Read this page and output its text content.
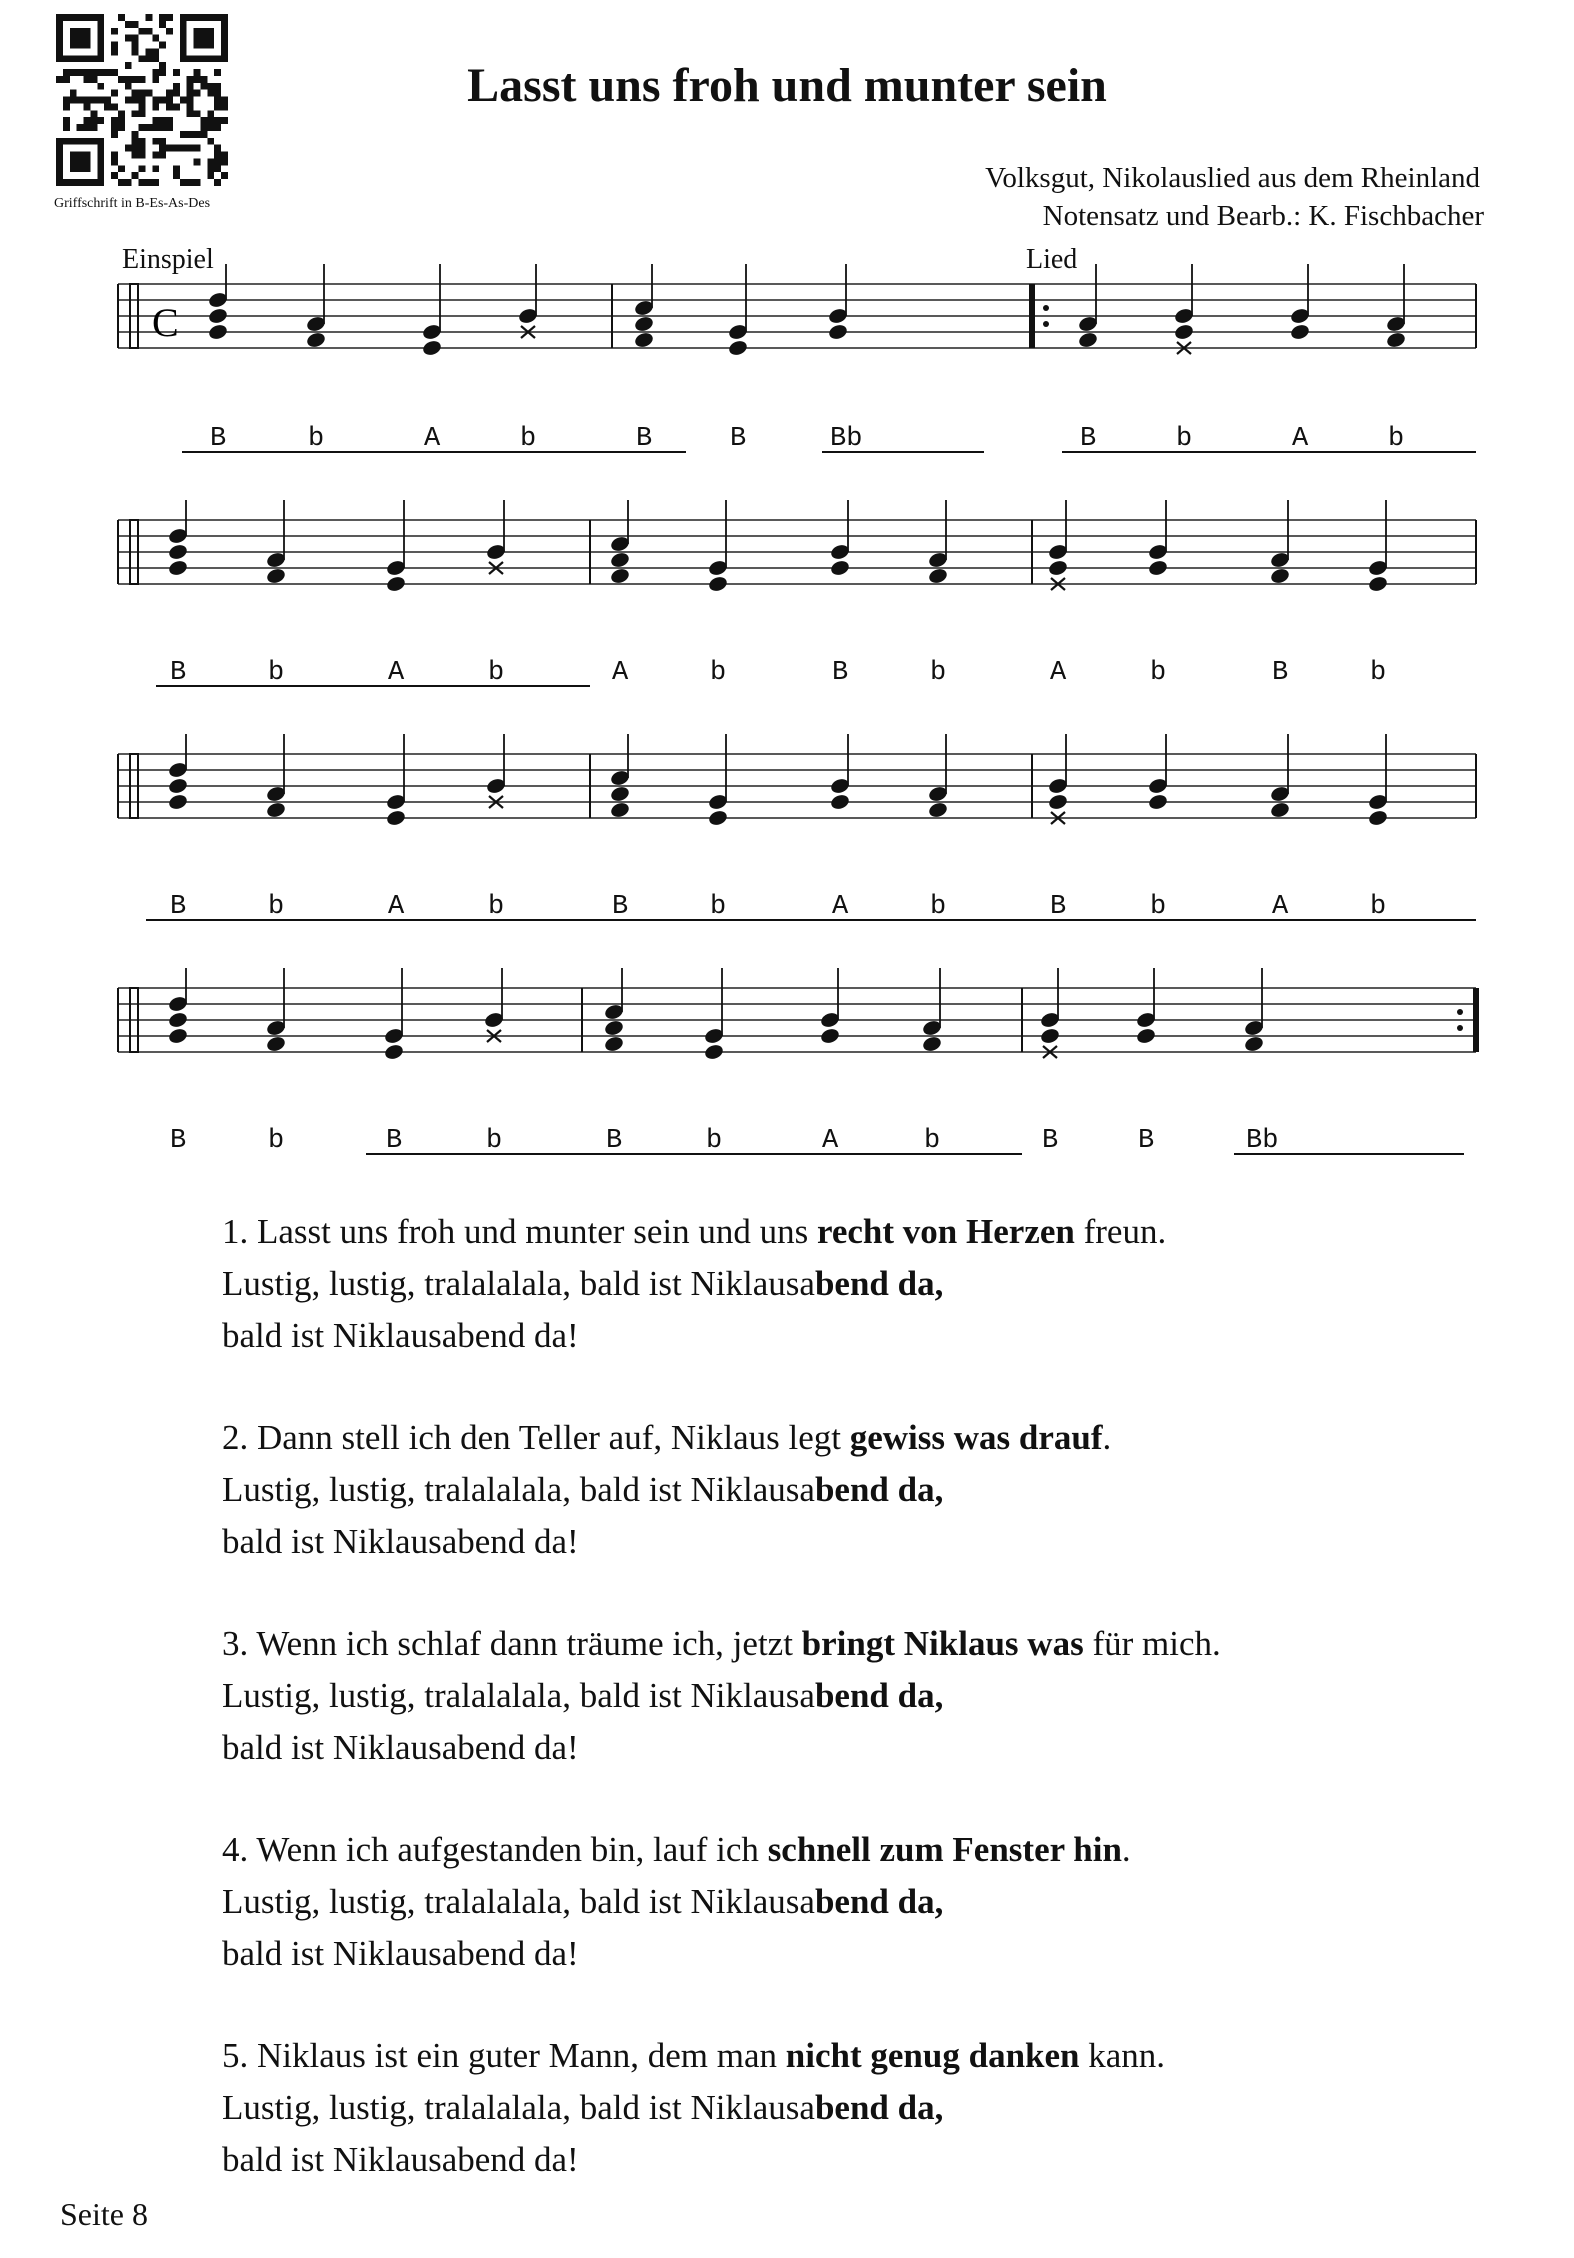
Griffschrift in B-Es-As-Des
Lasst uns froh und munter sein
Volksgut, Nikolauslied aus dem Rheinland
Notensatz und Bearb.: K. Fischbacher
Einspiel	Lied
C
B	b	A	b	B	B	Bb	B	b	A	b
B	b	A	b	A	b	B	b	A	b	B	b
B	b	A	b	B	b	A	b	B	b	A	b
B	b	B	b	B	b	A	b	B	B	Bb
1. Lasst uns froh und munter sein und uns recht von Herzen freun.
Lustig, lustig, tralalalala, bald ist Niklausabend da,
bald ist Niklausabend da!
2. Dann stell ich den Teller auf, Niklaus legt gewiss was drauf.
Lustig, lustig, tralalalala, bald ist Niklausabend da,
bald ist Niklausabend da!
3. Wenn ich schlaf dann träume ich, jetzt bringt Niklaus was für mich.
Lustig, lustig, tralalalala, bald ist Niklausabend da,
bald ist Niklausabend da!
4. Wenn ich aufgestanden bin, lauf ich schnell zum Fenster hin.
Lustig, lustig, tralalalala, bald ist Niklausabend da,
bald ist Niklausabend da!
5. Niklaus ist ein guter Mann, dem man nicht genug danken kann.
Lustig, lustig, tralalalala, bald ist Niklausabend da,
bald ist Niklausabend da!
Seite 8
